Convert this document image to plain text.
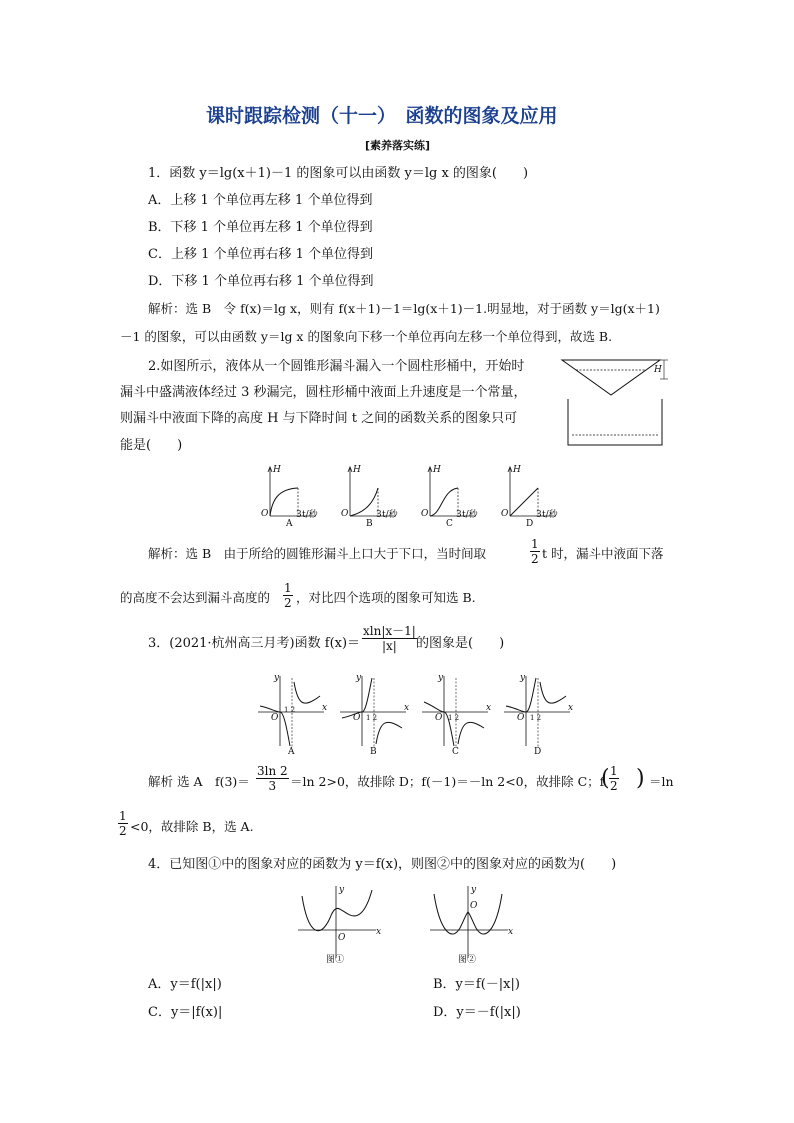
课时跟踪检测（十一）　函数的图象及应用
[素养落实练]
1．函数 y＝lg(x＋1)－1 的图象可以由函数 y＝lg x 的图象(　　)
A．上移 1 个单位再左移 1 个单位得到
B．下移 1 个单位再左移 1 个单位得到
C．上移 1 个单位再右移 1 个单位得到
D．下移 1 个单位再右移 1 个单位得到
解析：选 B　令 f(x)＝lg x，则有 f(x＋1)－1＝lg(x＋1)－1.明显地，对于函数 y＝lg(x＋1)
－1 的图象，可以由函数 y＝lg x 的图象向下移一个单位再向左移一个单位得到，故选 B.
2.如图所示，液体从一个圆锥形漏斗漏入一个圆柱形桶中，开始时
漏斗中盛满液体经过 3 秒漏完，圆柱形桶中液面上升速度是一个常量，
则漏斗中液面下降的高度 H 与下降时间 t 之间的函数关系的图象只可
能是(　　)
H
H
O	3 t/秒
A
H
O	3 t/秒
B
H
O	3 t/秒
C
H
O	3 t/秒
D
解析：选 B　由于所给的圆锥形漏斗上口大于下口，当时间取	$\frac{1}{2}$ t 时，漏斗中液面下落
的高度不会达到漏斗高度的 $\frac{1}{2}$ ，对比四个选项的图象可知选 B.
3．(2021·杭州高三月考)函数 $f(x)= \frac{xln|x-1|}{|x|}$ 的图象是(　　)
y
x
O
1 2
A
y
x
O 1 2
B
y
x
O 1 2
C
y
x
O 1 2
D
解析 选 A　$f(3)= \frac{3\ln 2}{3} =\ln$ 2>0，故排除 D；f(－1)＝－ln 2<0，故排除 C；f
( $\frac{1}{2}$ ) ＝ln
$\frac{1}{2} <0$，故排除 B，选 A.
4．已知图①中的图象对应的函数为 y＝f(x)，则图②中的图象对应的函数为(　　)
y
x
O
图①
y
x
O
图②
A．y＝f(|x|)	B．y＝f(－|x|)
C．y＝|f(x)|	D．y＝－f(|x|)
